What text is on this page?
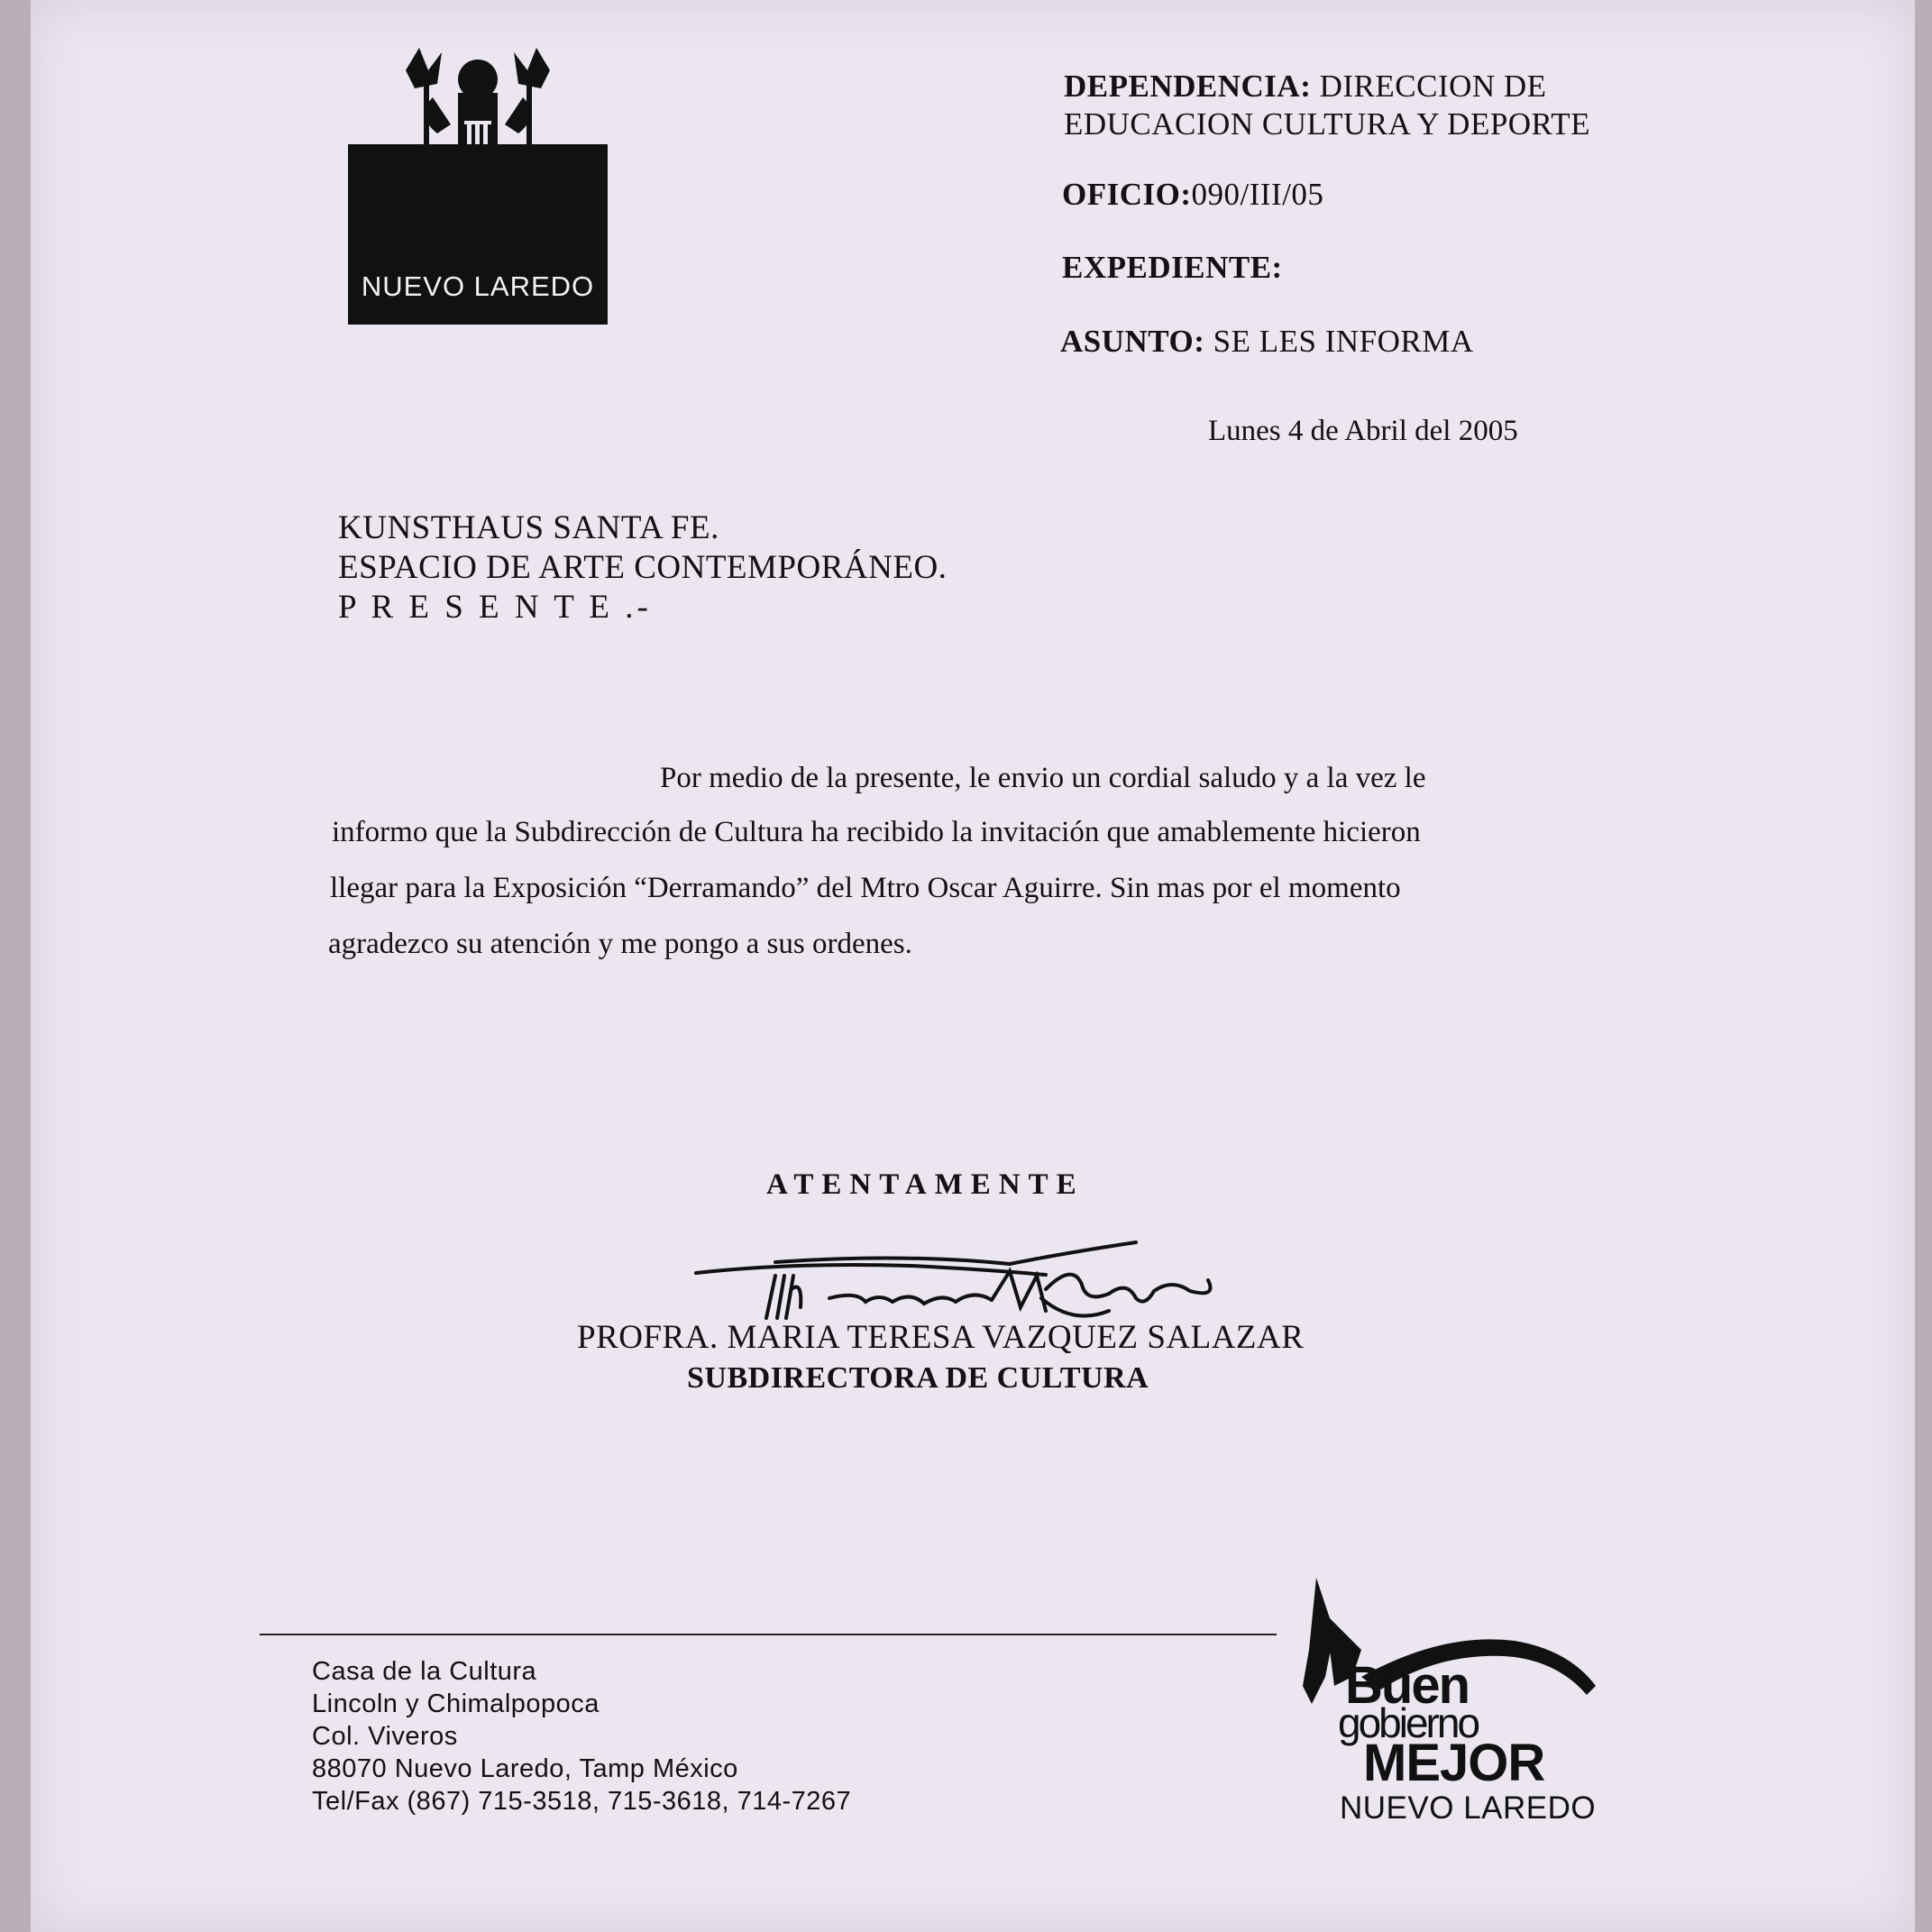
NUEVO LAREDO
DEPENDENCIA: DIRECCION DE
EDUCACION CULTURA Y DEPORTE
OFICIO:090/III/05
EXPEDIENTE:
ASUNTO: SE LES INFORMA
Lunes 4 de Abril del 2005
KUNSTHAUS SANTA FE.
ESPACIO DE ARTE CONTEMPORÁNEO.
P R E S E N T E .-
Por medio de la presente, le envio un cordial saludo y a la vez le
informo que la Subdirección de Cultura ha recibido la invitación que amablemente hicieron
llegar para la Exposición “Derramando” del Mtro Oscar Aguirre. Sin mas por el momento
agradezco su atención y me pongo a sus ordenes.
ATENTAMENTE
PROFRA. MARIA TERESA VAZQUEZ SALAZAR
SUBDIRECTORA DE CULTURA
Casa de la Cultura
Lincoln y Chimalpopoca
Col. Viveros
88070 Nuevo Laredo, Tamp México
Tel/Fax (867) 715-3518, 715-3618, 714-7267
Buen
gobierno
MEJOR
NUEVO LAREDO
